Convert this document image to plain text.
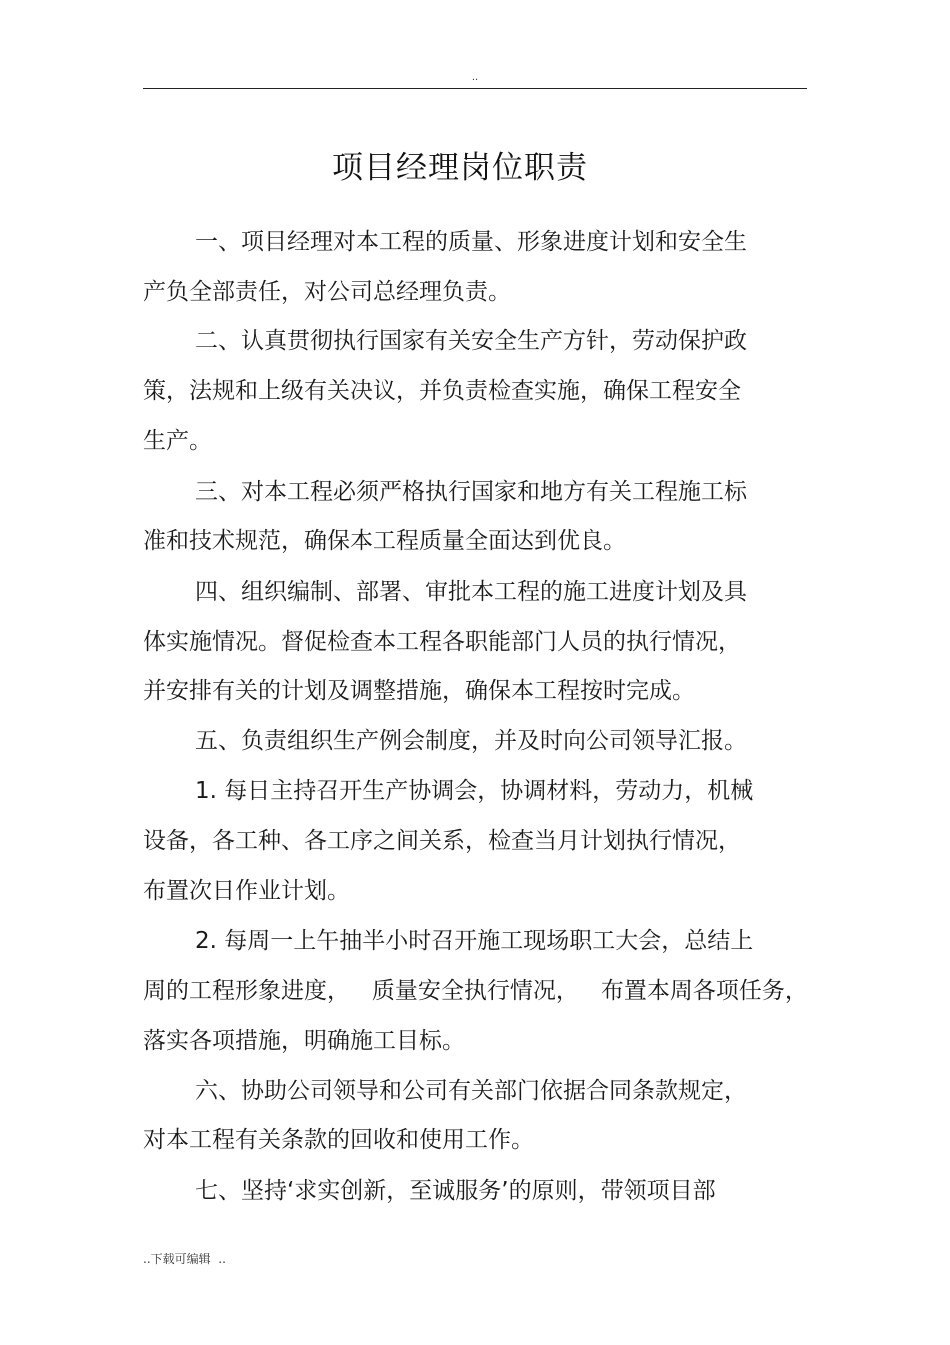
..
项目经理岗位职责
一、项目经理对本工程的质量、形象进度计划和安全生
产负全部责任，对公司总经理负责。
二、认真贯彻执行国家有关安全生产方针，劳动保护政
策，法规和上级有关决议，并负责检查实施，确保工程安全
生产。
三、对本工程必须严格执行国家和地方有关工程施工标
准和技术规范，确保本工程质量全面达到优良。
四、组织编制、部署、审批本工程的施工进度计划及具
体实施情况。督促检查本工程各职能部门人员的执行情况，
并安排有关的计划及调整措施，确保本工程按时完成。
五、负责组织生产例会制度，并及时向公司领导汇报。
1. 每日主持召开生产协调会，协调材料，劳动力，机械
设备，各工种、各工序之间关系，检查当月计划执行情况，
布置次日作业计划。
2. 每周一上午抽半小时召开施工现场职工大会，总结上
周的工程形象进度，   质量安全执行情况，   布置本周各项任务，
落实各项措施，明确施工目标。
六、协助公司领导和公司有关部门依据合同条款规定，
对本工程有关条款的回收和使用工作。
七、坚持‘求实创新，至诚服务’的原则，带领项目部
..下载可编辑  ..
